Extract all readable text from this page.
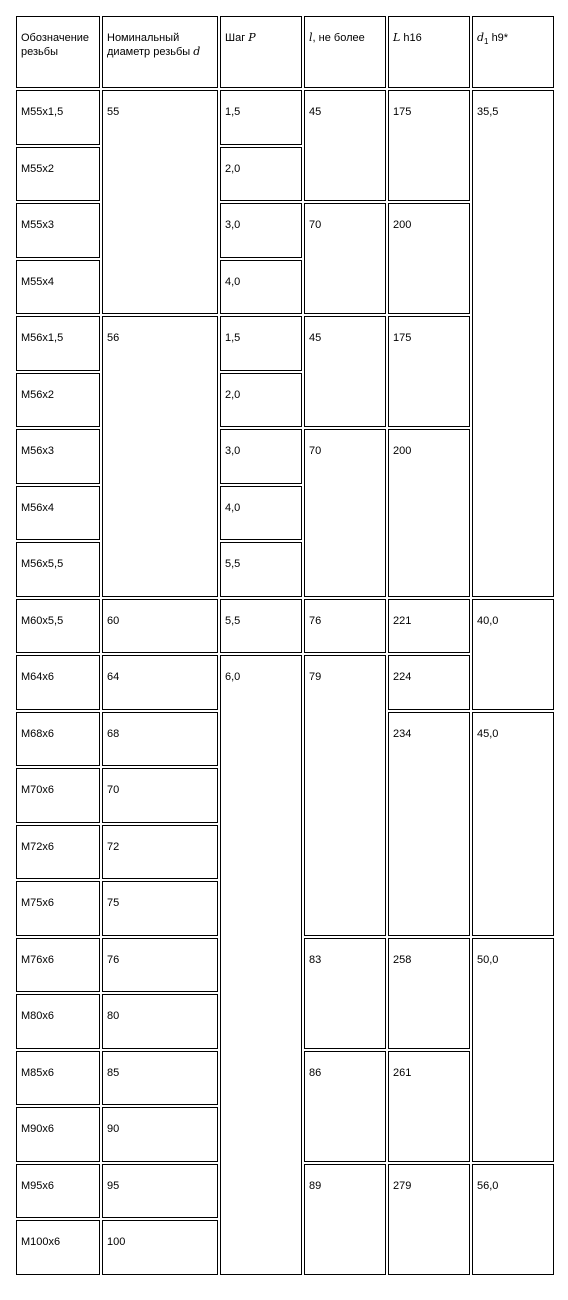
Обозначение резьбы	Номинальный диаметр резьбы d	Шаг P	l, не более	L h16	$d_1$ h9*
М55x1,5	55	1,5	45	175	35,5
М55x2		2,0			
М55x3		3,0	70	200	
М55x4		4,0			
М56x1,5	56	1,5	45	175	
М56x2		2,0			
М56x3		3,0	70	200	
М56x4		4,0			
М56x5,5		5,5			
М60x5,5	60	5,5	76	221	40,0
М64x6	64	6,0	79	224	
М68x6	68			234	45,0
М70x6	70				
М72x6	72				
М75x6	75				
М76x6	76		83	258	50,0
М80x6	80				
М85x6	85		86	261	
М90x6	90				
М95x6	95		89	279	56,0
М100x6	100				
